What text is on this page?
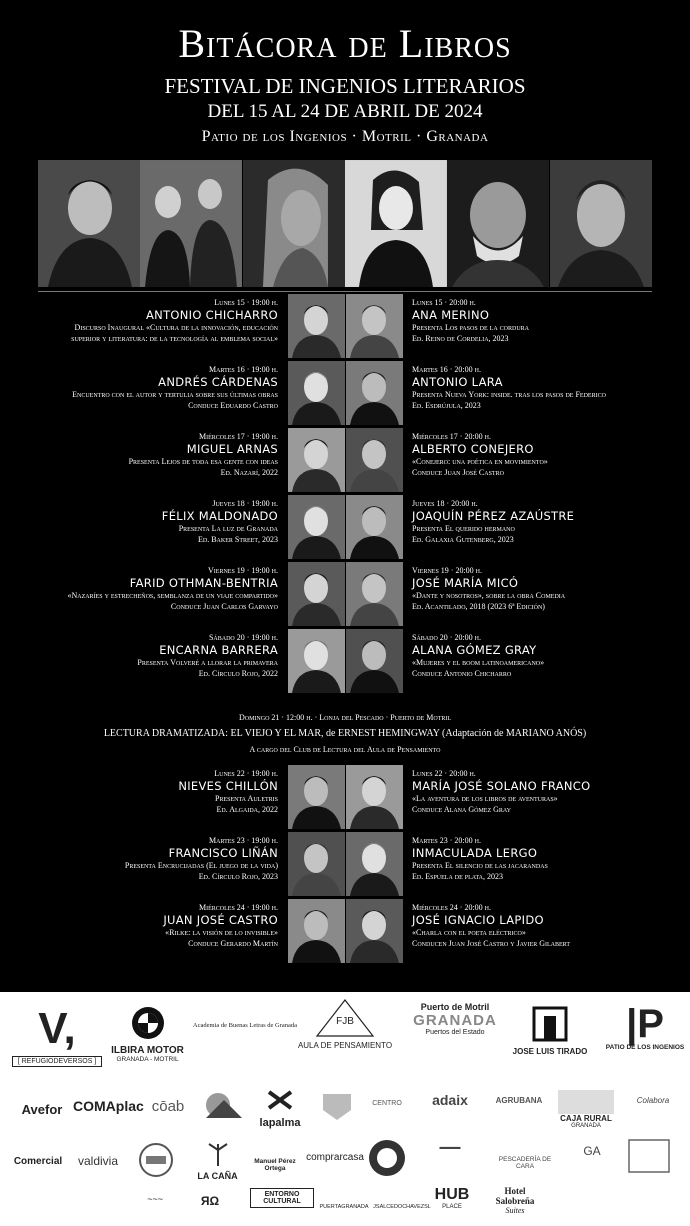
Bitácora de Libros
FESTIVAL DE INGENIOS LITERARIOS
DEL 15 AL 24 DE ABRIL DE 2024
Patio de los Ingenios · Motril · Granada
Lunes 15 · 19:00 h.
ANTONIO CHICHARRO
Discurso Inaugural «Cultura de la innovación, educación
superior y literatura: de la tecnología al emblema social»
Lunes 15 · 20:00 h.
ANA MERINO
Presenta Los pasos de la cordura
Ed. Reino de Cordelia, 2023
Martes 16 · 19:00 h.
ANDRÉS CÁRDENAS
Encuentro con el autor y tertulia sobre sus últimas obras
Conduce Eduardo Castro
Martes 16 · 20:00 h.
ANTONIO LARA
Presenta Nueva York: inside. tras los pasos de Federico
Ed. Esdrújula, 2023
Miércoles 17 · 19:00 h.
MIGUEL ARNAS
Presenta Lejos de toda esa gente con ideas
Ed. Nazarí, 2022
Miércoles 17 · 20:00 h.
ALBERTO CONEJERO
«Conejero: una poética en movimiento»
Conduce Juan José Castro
Jueves 18 · 19:00 h.
FÉLIX MALDONADO
Presenta La luz de Granada
Ed. Baker Street, 2023
Jueves 18 · 20:00 h.
JOAQUÍN PÉREZ AZAÚSTRE
Presenta El querido hermano
Ed. Galaxia Gutenberg, 2023
Viernes 19 · 19:00 h.
FARID OTHMAN-BENTRIA
«Nazaríes y estrecheños, semblanza de un viaje compartido»
Conduce Juan Carlos Garvayo
Viernes 19 · 20:00 h.
JOSÉ MARÍA MICÓ
«Dante y nosotros», sobre la obra Comedia
Ed. Acantilado, 2018 (2023 6ª Edición)
Sábado 20 · 19:00 h.
ENCARNA BARRERA
Presenta Volveré a llorar la primavera
Ed. Círculo Rojo, 2022
Sábado 20 · 20:00 h.
ALANA GÓMEZ GRAY
«Mujeres y el boom latinoamericano»
Conduce Antonio Chicharro
Domingo 21 · 12:00 h. · Lonja del Pescado · Puerto de Motril
LECTURA DRAMATIZADA: EL VIEJO Y EL MAR, de ERNEST HEMINGWAY (Adaptación de MARIANO ANÓS)
A cargo del Club de Lectura del Aula de Pensamiento
Lunes 22 · 19:00 h.
NIEVES CHILLÓN
Presenta Auletris
Ed. Algaida, 2022
Lunes 22 · 20:00 h.
MARÍA JOSÉ SOLANO FRANCO
«La aventura de los libros de aventuras»
Conduce Alana Gómez Gray
Martes 23 · 19:00 h.
FRANCISCO LIÑÁN
Presenta Encrucijadas (El juego de la vida)
Ed. Círculo Rojo, 2023
Martes 23 · 20:00 h.
INMACULADA LERGO
Presenta El silencio de las jacarandas
Ed. Espuela de plata, 2023
Miércoles 24 · 19:00 h.
JUAN JOSÉ CASTRO
«Rilke: la visión de lo invisible»
Conduce Gerardo Martín
Miércoles 24 · 20:00 h.
JOSÉ IGNACIO LAPIDO
«Charla con el poeta eléctrico»
Conducen Juan José Castro y Javier Gilabert
V,
[ REFUGIODEVERSOS ]
ILBIRA MOTOR
GRANADA - MOTRIL
Academia de Buenas Letras de Granada	FJB
AULA DE PENSAMIENTO
Puerto de Motril
GRANADA
Puertos del Estado
JOSE LUIS TIRADO
|P
PATIO DE LOS INGENIOS
Avefor COMAplac cōab
lapalma
CENTRO	adaix	AGRUBANA
CAJA RURAL
GRANADA
Colabora
Comercial	valdivia
LA CAÑA
Manuel Pérez Ortega
comprarcasa
▬▬▬
PESCADERÍA DE CARA
GA
~~~	ЯΩ	ENTORNO CULTURAL
PUERTAGRANADA JSALCEDOCHAVEZSL
HUB
PLACE
Hotel
Salobreña
Suites
